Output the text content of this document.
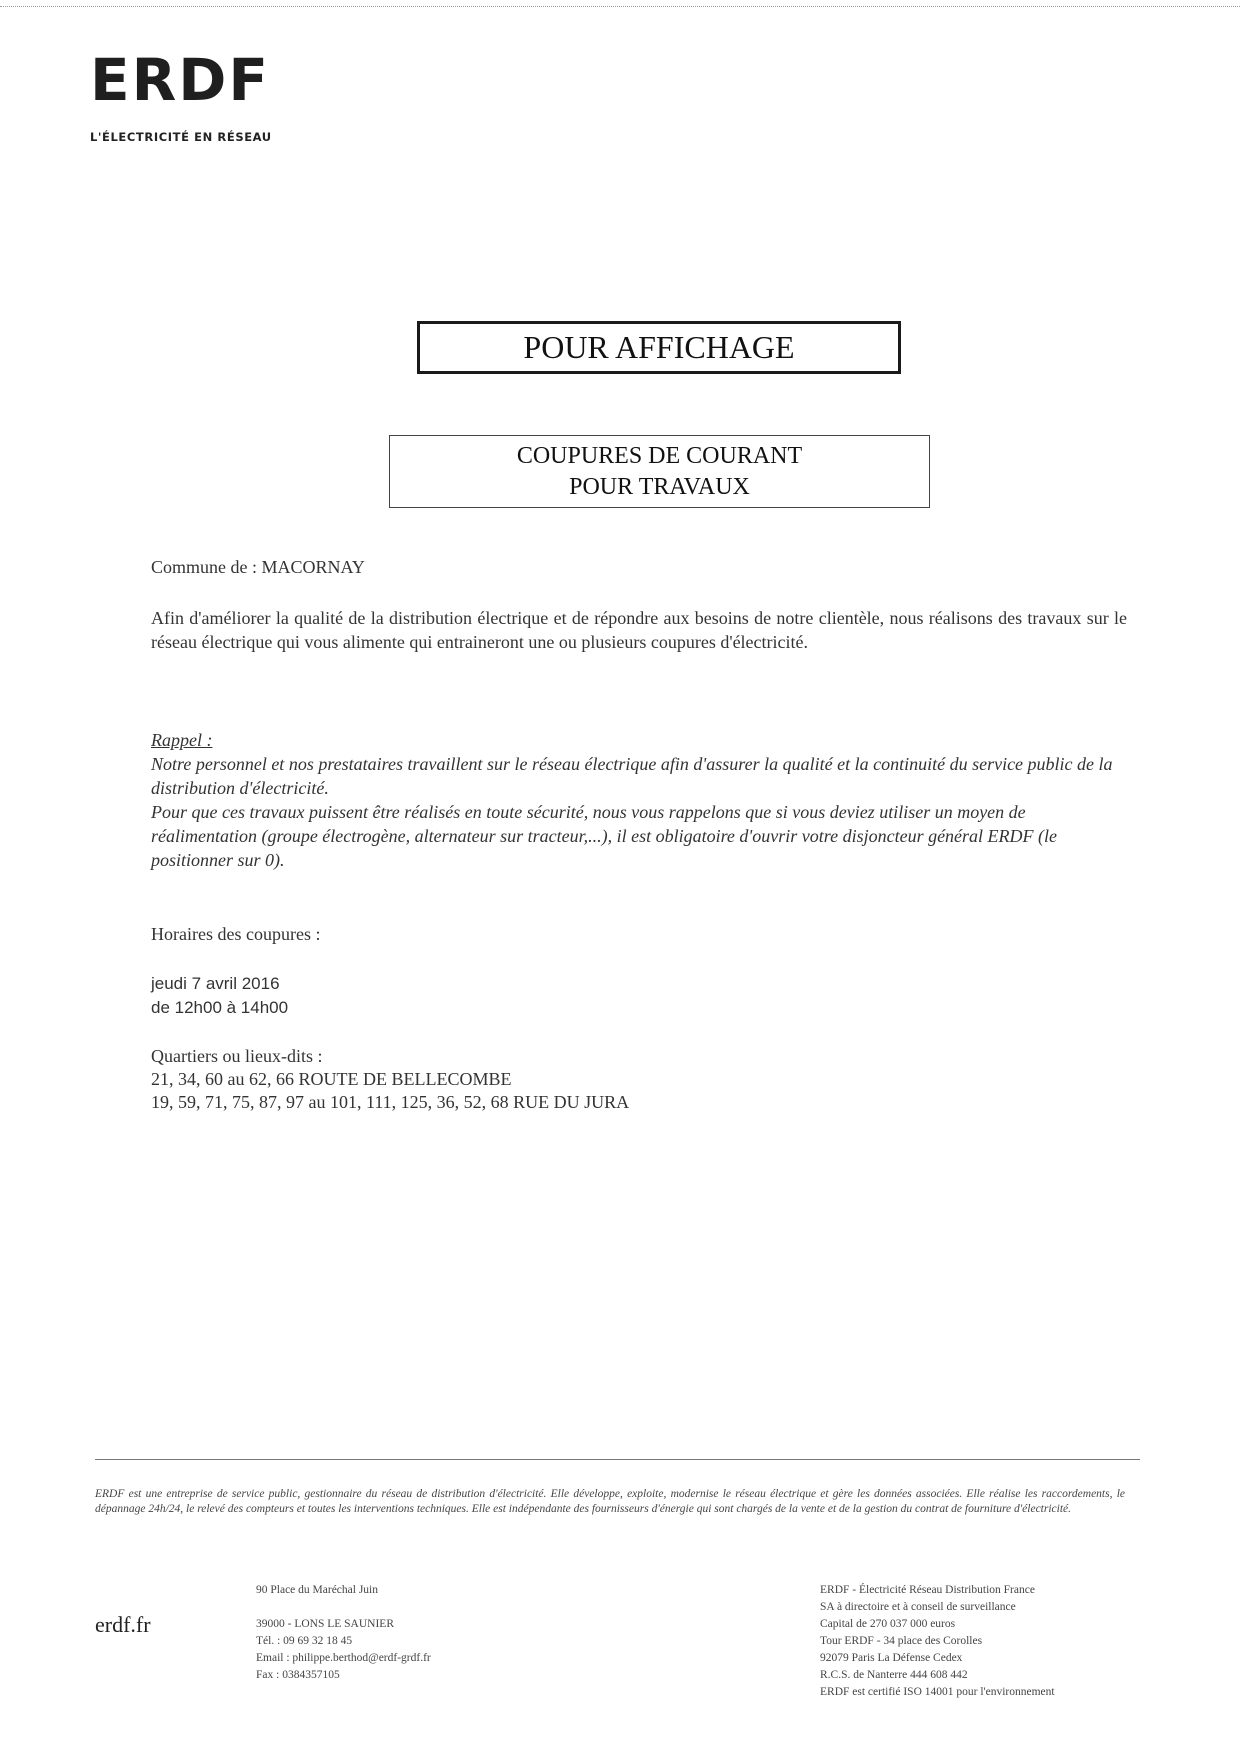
ERDF
L'ÉLECTRICITÉ EN RÉSEAU
POUR AFFICHAGE
COUPURES DE COURANT
POUR TRAVAUX
Commune de : MACORNAY
Afin d'améliorer la qualité de la distribution électrique et de répondre aux besoins de notre clientèle, nous réalisons des travaux sur le réseau électrique qui vous alimente qui entraineront une ou plusieurs coupures d'électricité.
Rappel :
Notre personnel et nos prestataires travaillent sur le réseau électrique afin d'assurer la qualité et la continuité du service public de la distribution d'électricité.
Pour que ces travaux puissent être réalisés en toute sécurité, nous vous rappelons que si vous deviez utiliser un moyen de réalimentation (groupe électrogène, alternateur sur tracteur,...), il est obligatoire d'ouvrir votre disjoncteur général ERDF (le positionner sur 0).
Horaires des coupures :
jeudi 7 avril 2016
de 12h00 à 14h00
Quartiers ou lieux-dits :
21, 34, 60 au 62, 66 ROUTE DE BELLECOMBE
19, 59, 71, 75, 87, 97 au 101, 111, 125, 36, 52, 68 RUE DU JURA
ERDF est une entreprise de service public, gestionnaire du réseau de distribution d'électricité. Elle développe, exploite, modernise le réseau électrique et gère les données associées. Elle réalise les raccordements, le dépannage 24h/24, le relevé des compteurs et toutes les interventions techniques. Elle est indépendante des fournisseurs d'énergie qui sont chargés de la vente et de la gestion du contrat de fourniture d'électricité.
erdf.fr
90 Place du Maréchal Juin
39000 - LONS LE SAUNIER
Tél. : 09 69 32 18 45
Email : philippe.berthod@erdf-grdf.fr
Fax : 0384357105
ERDF - Électricité Réseau Distribution France
SA à directoire et à conseil de surveillance
Capital de 270 037 000 euros
Tour ERDF - 34 place des Corolles
92079 Paris La Défense Cedex
R.C.S. de Nanterre 444 608 442
ERDF est certifié ISO 14001 pour l'environnement
